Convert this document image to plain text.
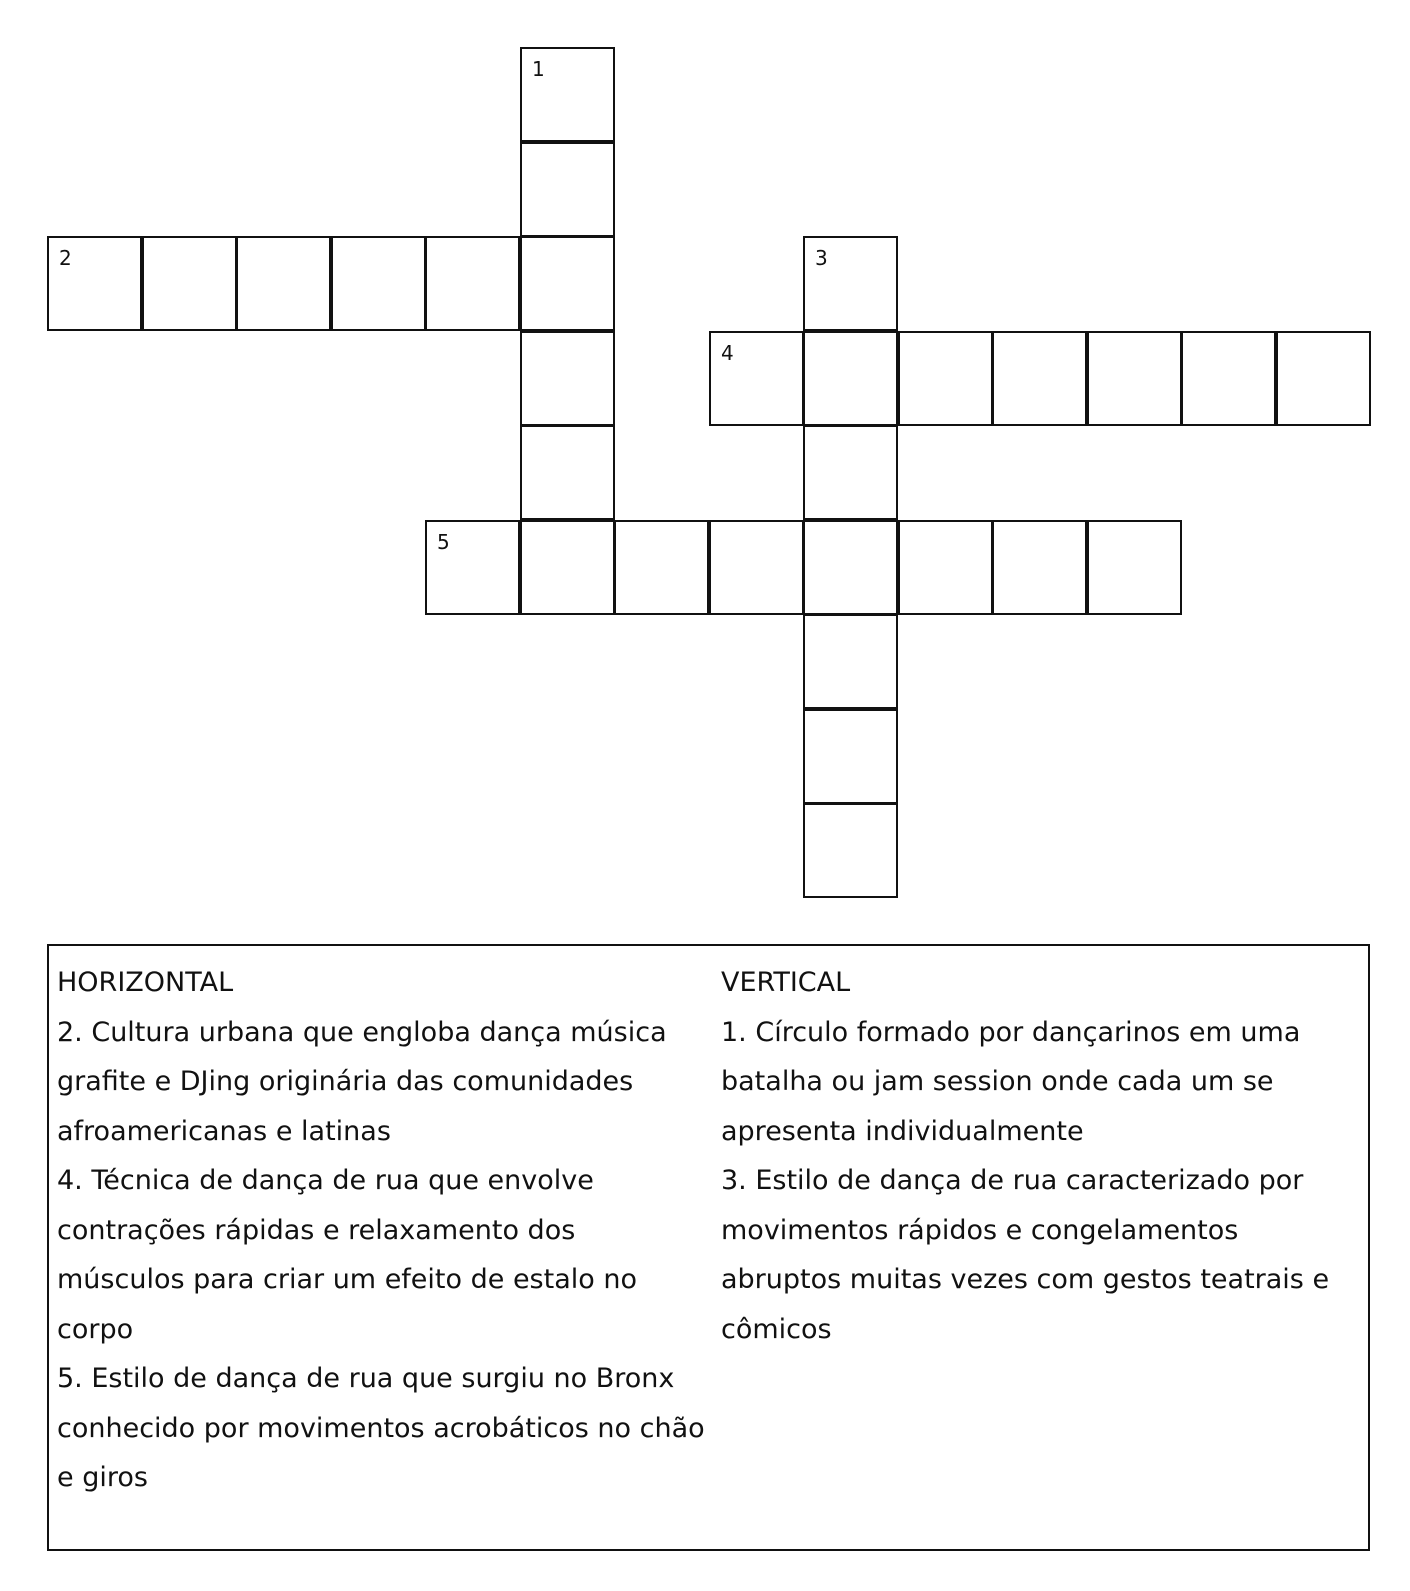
1
2	3
4
5
HORIZONTAL
2. Cultura urbana que engloba dança música grafite e DJing originária das comunidades afroamericanas e latinas
4. Técnica de dança de rua que envolve contrações rápidas e relaxamento dos músculos para criar um efeito de estalo no corpo
5. Estilo de dança de rua que surgiu no Bronx conhecido por movimentos acrobáticos no chão e giros
VERTICAL
1. Círculo formado por dançarinos em uma batalha ou jam session onde cada um se apresenta individualmente
3. Estilo de dança de rua caracterizado por movimentos rápidos e congelamentos abruptos muitas vezes com gestos teatrais e cômicos
